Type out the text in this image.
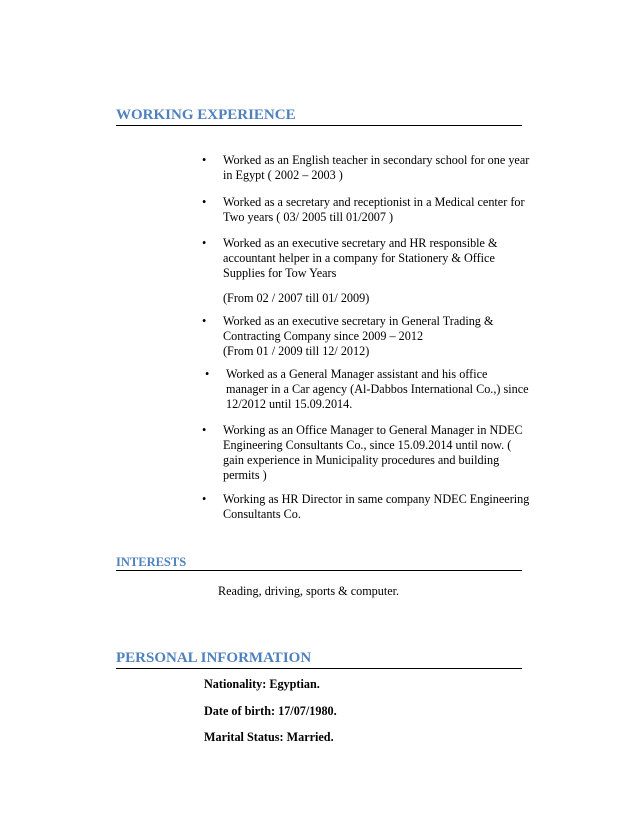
WORKING EXPERIENCE
•	Worked as an English teacher in secondary school for one year
in Egypt ( 2002 – 2003 )
•	Worked as a secretary and receptionist in a Medical center for
Two years ( 03/ 2005 till 01/2007 )
•	Worked as an executive secretary and HR responsible &
accountant helper in a company for Stationery & Office
Supplies for Tow Years
(From 02 / 2007 till 01/ 2009)
•	Worked as an executive secretary in General Trading &
Contracting Company since 2009 – 2012
(From 01 / 2009 till 12/ 2012)
•	Worked as a General Manager assistant and his office
manager in a Car agency (Al-Dabbos International Co.,) since
12/2012 until 15.09.2014.
•	Working as an Office Manager to General Manager in NDEC
Engineering Consultants Co., since 15.09.2014 until now. (
gain experience in Municipality procedures and building
permits )
•	Working as HR Director in same company NDEC Engineering
Consultants Co.
INTERESTS
Reading, driving, sports & computer.
PERSONAL INFORMATION
Nationality: Egyptian.
Date of birth: 17/07/1980.
Marital Status: Married.
